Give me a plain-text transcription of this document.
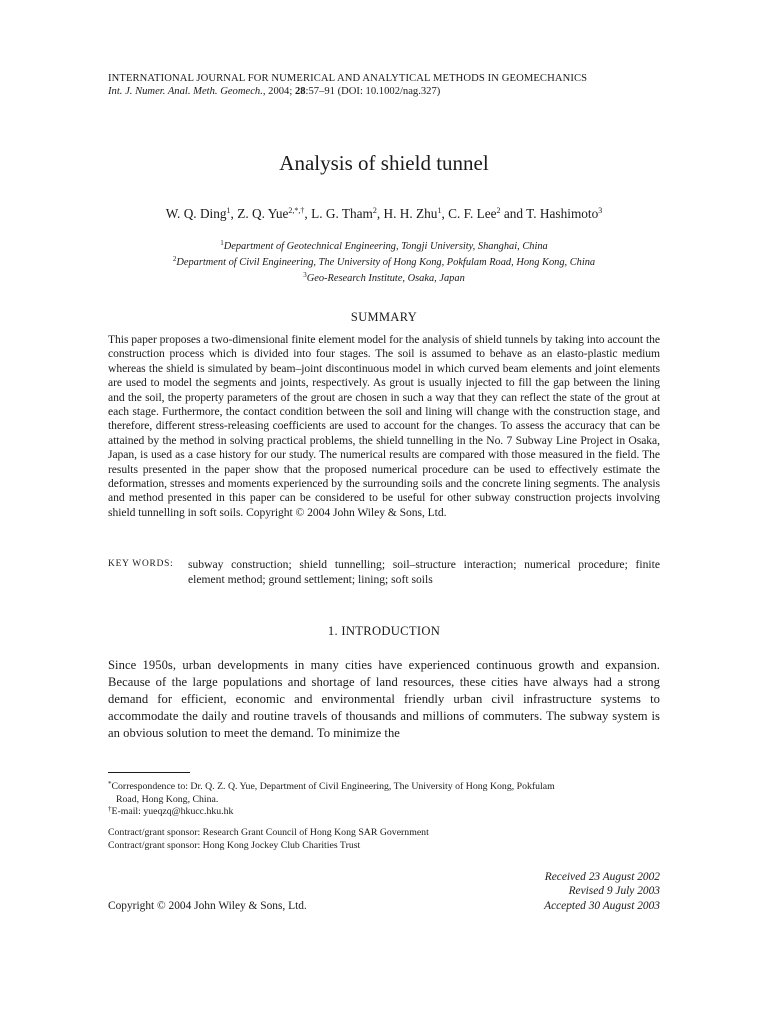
INTERNATIONAL JOURNAL FOR NUMERICAL AND ANALYTICAL METHODS IN GEOMECHANICS
Int. J. Numer. Anal. Meth. Geomech., 2004; 28:57–91 (DOI: 10.1002/nag.327)
Analysis of shield tunnel
W. Q. Ding$^1$, Z. Q. Yue$^{2,*,\dagger}$, L. G. Tham$^2$, H. H. Zhu$^1$, C. F. Lee$^2$ and T. Hashimoto$^3$
$^1$Department of Geotechnical Engineering, Tongji University, Shanghai, China
$^2$Department of Civil Engineering, The University of Hong Kong, Pokfulam Road, Hong Kong, China
$^3$Geo-Research Institute, Osaka, Japan
SUMMARY
This paper proposes a two-dimensional finite element model for the analysis of shield tunnels by taking into account the construction process which is divided into four stages. The soil is assumed to behave as an elasto-plastic medium whereas the shield is simulated by beam–joint discontinuous model in which curved beam elements and joint elements are used to model the segments and joints, respectively. As grout is usually injected to fill the gap between the lining and the soil, the property parameters of the grout are chosen in such a way that they can reflect the state of the grout at each stage. Furthermore, the contact condition between the soil and lining will change with the construction stage, and therefore, different stress-releasing coefficients are used to account for the changes. To assess the accuracy that can be attained by the method in solving practical problems, the shield tunnelling in the No. 7 Subway Line Project in Osaka, Japan, is used as a case history for our study. The numerical results are compared with those measured in the field. The results presented in the paper show that the proposed numerical procedure can be used to effectively estimate the deformation, stresses and moments experienced by the surrounding soils and the concrete lining segments. The analysis and method presented in this paper can be considered to be useful for other subway construction projects involving shield tunnelling in soft soils. Copyright © 2004 John Wiley & Sons, Ltd.
KEY WORDS: subway construction; shield tunnelling; soil–structure interaction; numerical procedure; finite element method; ground settlement; lining; soft soils
1. INTRODUCTION
Since 1950s, urban developments in many cities have experienced continuous growth and expansion. Because of the large populations and shortage of land resources, these cities have always had a strong demand for efficient, economic and environmental friendly urban civil infrastructure systems to accommodate the daily and routine travels of thousands and millions of commuters. The subway system is an obvious solution to meet the demand. To minimize the
*Correspondence to: Dr. Q. Z. Q. Yue, Department of Civil Engineering, The University of Hong Kong, Pokfulam
Road, Hong Kong, China.
†E-mail: yueqzq@hkucc.hku.hk
Contract/grant sponsor: Research Grant Council of Hong Kong SAR Government
Contract/grant sponsor: Hong Kong Jockey Club Charities Trust
Received 23 August 2002
Revised 9 July 2003
Accepted 30 August 2003
Copyright © 2004 John Wiley & Sons, Ltd.
